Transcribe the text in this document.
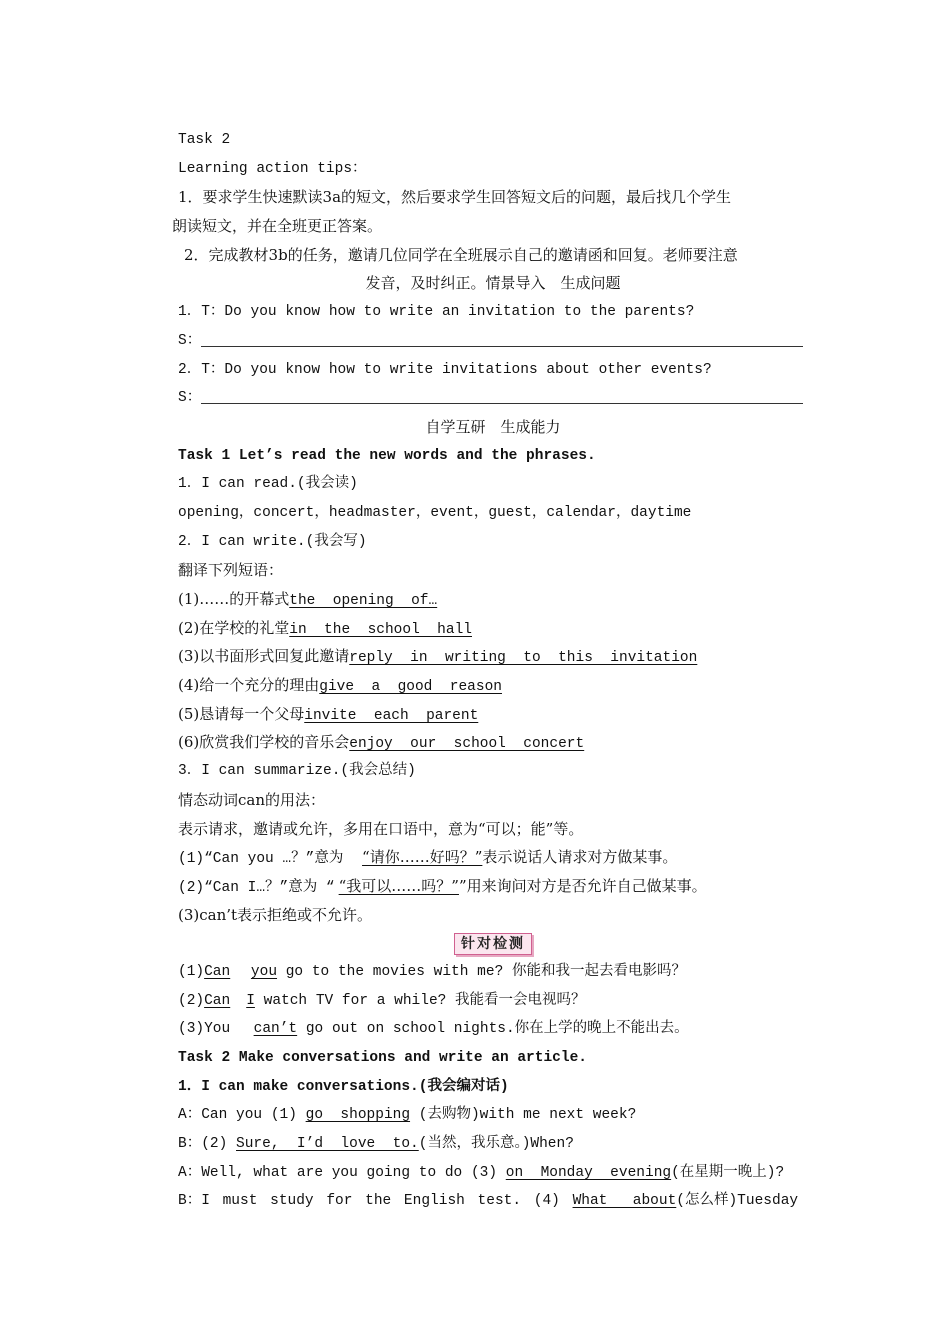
Task 2
Learning action tips：
1．要求学生快速默读3a的短文，然后要求学生回答短文后的问题，最后找几个学生
朗读短文，并在全班更正答案。
2．完成教材3b的任务，邀请几位同学在全班展示自己的邀请函和回复。老师要注意
发音，及时纠正。情景导入　生成问题
1．T：Do you know how to write an invitation to the parents?
S：
2．T：Do you know how to write invitations about other events?
S：
自学互研　生成能力
Task 1 Let’s read the new words and the phrases.
1．I can read.(我会读)
opening，concert，headmaster，event，guest，calendar，daytime
2．I can write.(我会写)
翻译下列短语：
(1)……的开幕式the  opening  of…
(2)在学校的礼堂in  the  school  hall
(3)以书面形式回复此邀请reply  in  writing  to  this  invitation
(4)给一个充分的理由give  a  good  reason
(5)恳请每一个父母invite  each  parent
(6)欣赏我们学校的音乐会enjoy  our  school  concert
3．I can summarize.(我会总结)
情态动词can的用法：
表示请求，邀请或允许，多用在口语中，意为“可以；能”等。
(1)“Can you …？”意为 “请你……好吗？”表示说话人请求对方做某事。
(2)“Can I…？”意为 “ “我可以……吗？””用来询问对方是否允许自己做某事。
(3)can’t表示拒绝或不允许。
针对检测
(1)Can you go to the movies with me? 你能和我一起去看电影吗？
(2)Can I watch TV for a while? 我能看一会电视吗？
(3)You  can’t go out on school nights.你在上学的晚上不能出去。
Task 2 Make conversations and write an article.
1．I can make conversations.(我会编对话)
A：Can you (1) go  shopping (去购物)with me next week?
B：(2) Sure,  I’d  love  to.(当然，我乐意。)When?
A：Well, what are you going to do (3) on  Monday  evening(在星期一晚上)?
B：I must study for the English test. (4) What  about(怎么样)Tuesday
